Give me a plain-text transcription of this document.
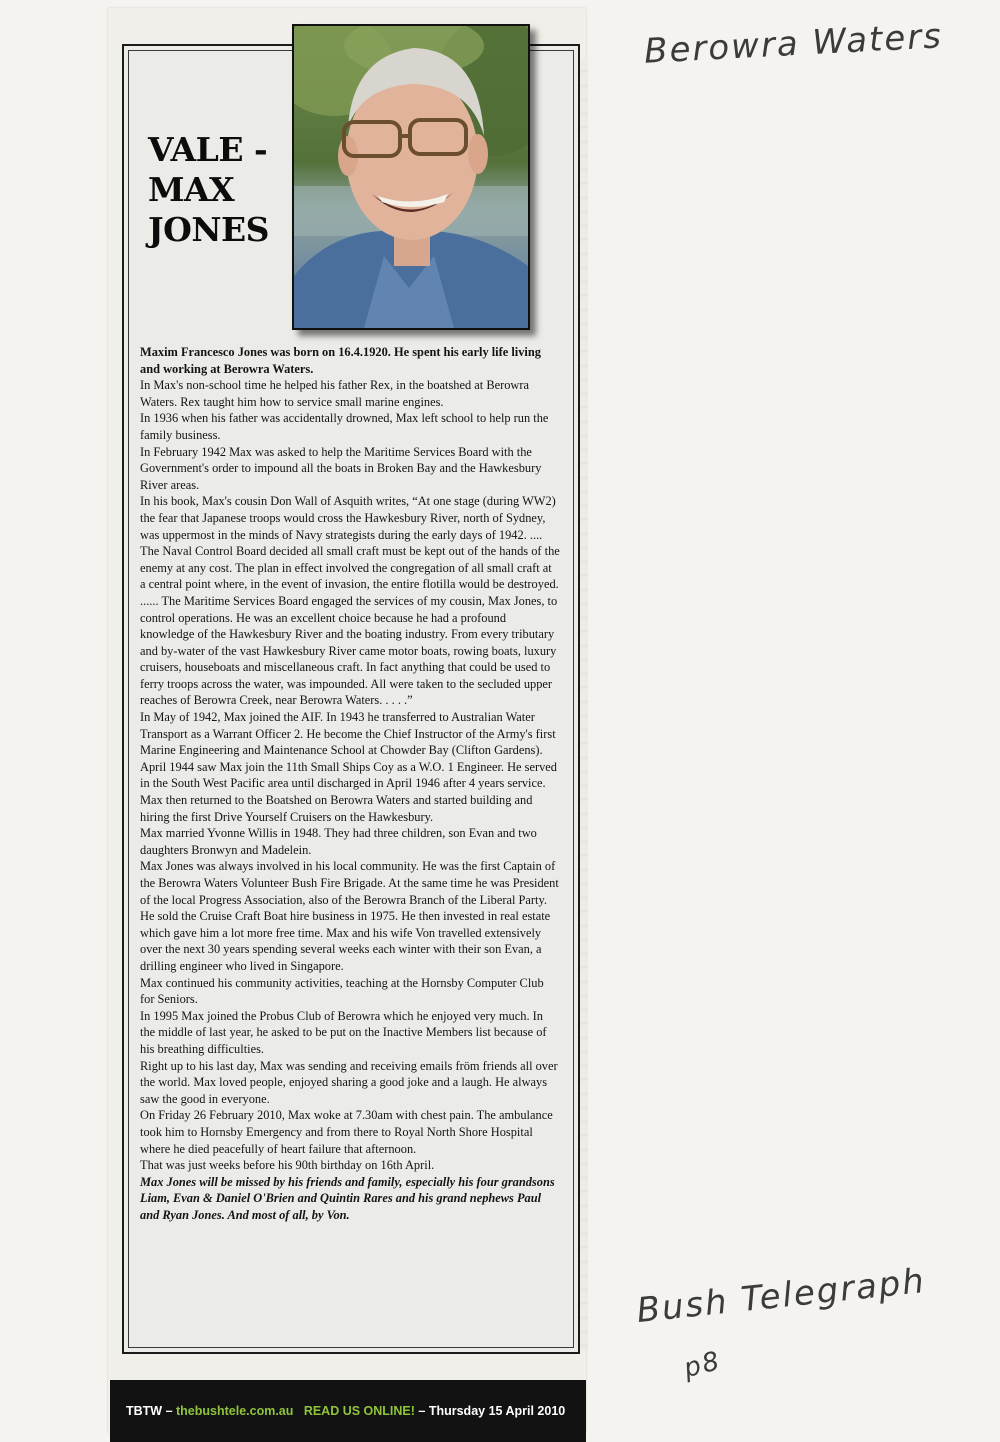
VALE -
MAX
JONES

Maxim Francesco Jones was born on 16.4.1920. He spent his early life living and working at Berowra Waters.

In Max's non-school time he helped his father Rex, in the boatshed at Berowra Waters. Rex taught him how to service small marine engines.

In 1936 when his father was accidentally drowned, Max left school to help run the family business.

In February 1942 Max was asked to help the Maritime Services Board with the Government's order to impound all the boats in Broken Bay and the Hawkesbury River areas.

In his book, Max's cousin Don Wall of Asquith writes, “At one stage (during WW2) the fear that Japanese troops would cross the Hawkesbury River, north of Sydney, was uppermost in the minds of Navy strategists during the early days of 1942. .... The Naval Control Board decided all small craft must be kept out of the hands of the enemy at any cost. The plan in effect involved the congregation of all small craft at a central point where, in the event of invasion, the entire flotilla would be destroyed. ...... The Maritime Services Board engaged the services of my cousin, Max Jones, to control operations. He was an excellent choice because he had a profound knowledge of the Hawkesbury River and the boating industry. From every tributary and by-water of the vast Hawkesbury River came motor boats, rowing boats, luxury cruisers, houseboats and miscellaneous craft. In fact anything that could be used to ferry troops across the water, was impounded. All were taken to the secluded upper reaches of Berowra Creek, near Berowra Waters. . . . .”

In May of 1942, Max joined the AIF. In 1943 he transferred to Australian Water Transport as a Warrant Officer 2. He become the Chief Instructor of the Army's first Marine Engineering and Maintenance School at Chowder Bay (Clifton Gardens).

April 1944 saw Max join the 11th Small Ships Coy as a W.O. 1 Engineer. He served in the South West Pacific area until discharged in April 1946 after 4 years service.

Max then returned to the Boatshed on Berowra Waters and started building and hiring the first Drive Yourself Cruisers on the Hawkesbury.

Max married Yvonne Willis in 1948. They had three children, son Evan and two daughters Bronwyn and Madelein.

Max Jones was always involved in his local community. He was the first Captain of the Berowra Waters Volunteer Bush Fire Brigade. At the same time he was President of the local Progress Association, also of the Berowra Branch of the Liberal Party.

He sold the Cruise Craft Boat hire business in 1975. He then invested in real estate which gave him a lot more free time. Max and his wife Von travelled extensively over the next 30 years spending several weeks each winter with their son Evan, a drilling engineer who lived in Singapore.

Max continued his community activities, teaching at the Hornsby Computer Club for Seniors.

In 1995 Max joined the Probus Club of Berowra which he enjoyed very much. In the middle of last year, he asked to be put on the Inactive Members list because of his breathing difficulties.

Right up to his last day, Max was sending and receiving emails fröm friends all over the world. Max loved people, enjoyed sharing a good joke and a laugh. He always saw the good in everyone.

On Friday 26 February 2010, Max woke at 7.30am with chest pain. The ambulance took him to Hornsby Emergency and from there to Royal North Shore Hospital where he died peacefully of heart failure that afternoon.

That was just weeks before his 90th birthday on 16th April.

Max Jones will be missed by his friends and family, especially his four grandsons Liam, Evan & Daniel O'Brien and Quintin Rares and his grand nephews Paul and Ryan Jones. And most of all, by Von.

TBTW – thebushtele.com.au READ US ONLINE! – Thursday 15 April 2010
Berowra Waters
Bush Telegraph
p8
